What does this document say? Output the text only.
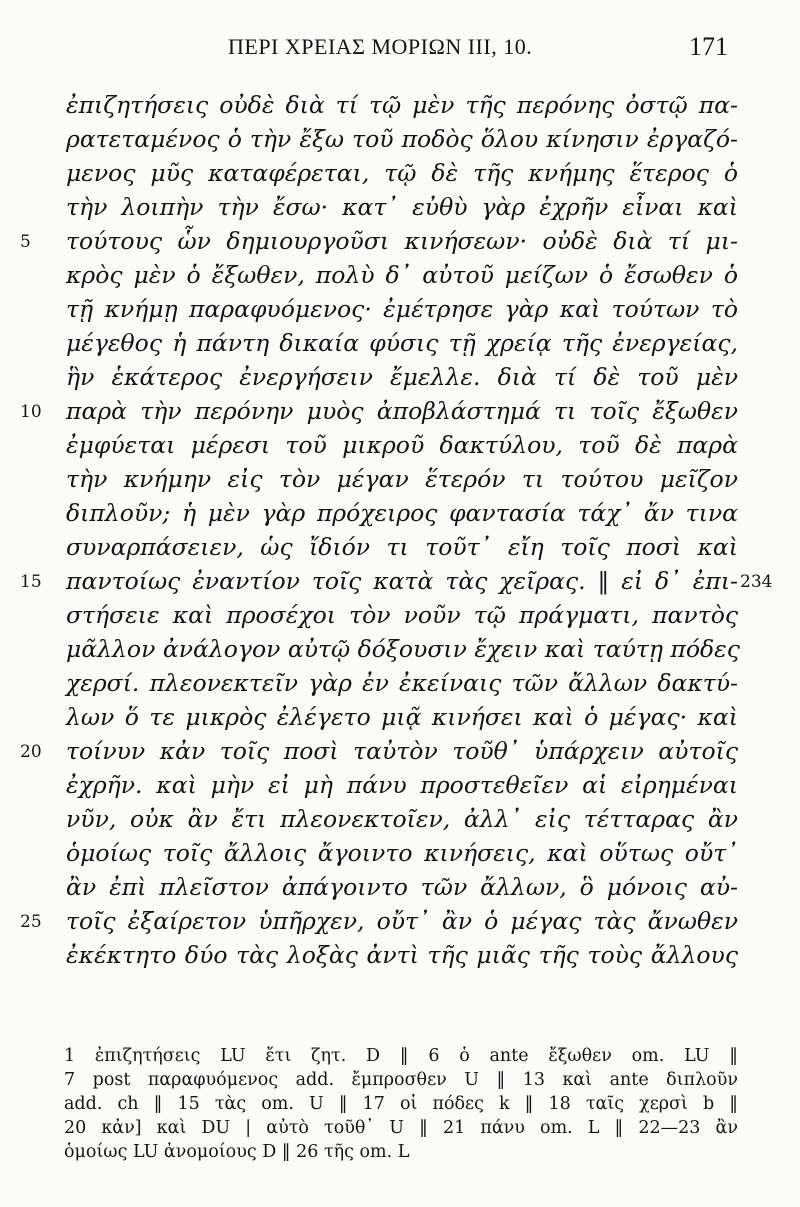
ΠΕΡΙ ΧΡΕΙΑΣ ΜΟΡΙΩΝ III, 10.	171
ἐπιζητήσεις οὐδὲ διὰ τί τῷ μὲν τῆς περόνης ὀστῷ πα-
ρατεταμένος ὁ τὴν ἔξω τοῦ ποδὸς ὅλου κίνησιν ἐργαζό-
μενος μῦς καταφέρεται, τῷ δὲ τῆς κνήμης ἕτερος ὁ
τὴν λοιπὴν τὴν ἔσω· κατ᾽ εὐθὺ γὰρ ἐχρῆν εἶναι καὶ
τούτους ὧν δημιουργοῦσι κινήσεων· οὐδὲ διὰ τί μι-
κρὸς μὲν ὁ ἔξωθεν, πολὺ δ᾽ αὐτοῦ μείζων ὁ ἔσωθεν ὁ
τῇ κνήμῃ παραφυόμενος· ἐμέτρησε γὰρ καὶ τούτων τὸ
μέγεθος ἡ πάντη δικαία φύσις τῇ χρείᾳ τῆς ἐνεργείας,
ἣν ἑκάτερος ἐνεργήσειν ἔμελλε. διὰ τί δὲ τοῦ μὲν
παρὰ τὴν περόνην μυὸς ἀποβλάστημά τι τοῖς ἔξωθεν
ἐμφύεται μέρεσι τοῦ μικροῦ δακτύλου, τοῦ δὲ παρὰ
τὴν κνήμην εἰς τὸν μέγαν ἕτερόν τι τούτου μεῖζον
διπλοῦν; ἡ μὲν γὰρ πρόχειρος φαντασία τάχ᾽ ἄν τινα
συναρπάσειεν, ὡς ἴδιόν τι τοῦτ᾽ εἴη τοῖς ποσὶ καὶ
παντοίως ἐναντίον τοῖς κατὰ τὰς χεῖρας. ‖ εἰ δ᾽ ἐπι-
στήσειε καὶ προσέχοι τὸν νοῦν τῷ πράγματι, παντὸς
μᾶλλον ἀνάλογον αὐτῷ δόξουσιν ἔχειν καὶ ταύτῃ πόδες
χερσί. πλεονεκτεῖν γὰρ ἐν ἐκείναις τῶν ἄλλων δακτύ-
λων ὅ τε μικρὸς ἐλέγετο μιᾷ κινήσει καὶ ὁ μέγας· καὶ
τοίνυν κἀν τοῖς ποσὶ ταὐτὸν τοῦθ᾽ ὑπάρχειν αὐτοῖς
ἐχρῆν. καὶ μὴν εἰ μὴ πάνυ προστεθεῖεν αἱ εἰρημέναι
νῦν, οὐκ ἂν ἔτι πλεονεκτοῖεν, ἀλλ᾽ εἰς τέτταρας ἂν
ὁμοίως τοῖς ἄλλοις ἄγοιντο κινήσεις, καὶ οὕτως οὔτ᾽
ἂν ἐπὶ πλεῖστον ἀπάγοιντο τῶν ἄλλων, ὃ μόνοις αὐ-
τοῖς ἐξαίρετον ὑπῆρχεν, οὔτ᾽ ἂν ὁ μέγας τὰς ἄνωθεν
ἐκέκτητο δύο τὰς λοξὰς ἀντὶ τῆς μιᾶς τῆς τοὺς ἄλλους
5
10
15
20
25
234
1 ἐπιζητήσεις LU ἔτι ζητ. D ‖ 6 ὁ ante ἔξωθεν om. LU ‖
7 post παραφυόμενος add. ἔμπροσθεν U ‖ 13 καὶ ante διπλοῦν
add. ch ‖ 15 τὰς om. U ‖ 17 οἱ πόδες k ‖ 18 ταῖς χερσὶ b ‖
20 κἀν] καὶ DU | αὐτὸ τοῦθ᾽ U ‖ 21 πάνυ om. L ‖ 22—23 ἂν
ὁμοίως LU ἀνομοίους D ‖ 26 τῆς om. L
